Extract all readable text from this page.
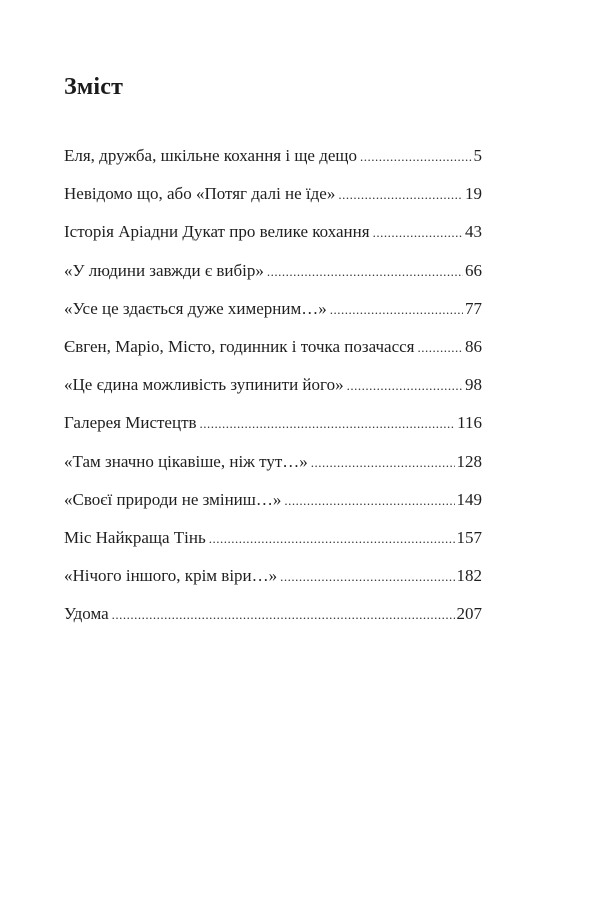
Зміст
Еля, дружба, шкільне кохання і ще дещо .....	5
Невідомо що, або «Потяг далі не їде» .....	19
Історія Аріадни Дукат про велике кохання .....	43
«У людини завжди є вибір» .....	66
«Усе це здається дуже химерним…» .....	77
Євген, Маріо, Місто, годинник і точка позачасся .....	86
«Це єдина можливість зупинити його» .....	98
Галерея Мистецтв .....	116
«Там значно цікавіше, ніж тут…» .....	128
«Своєї природи не зміниш…» .....	149
Міс Найкраща Тінь .....	157
«Нічого іншого, крім віри…» .....	182
Удома .....	207
